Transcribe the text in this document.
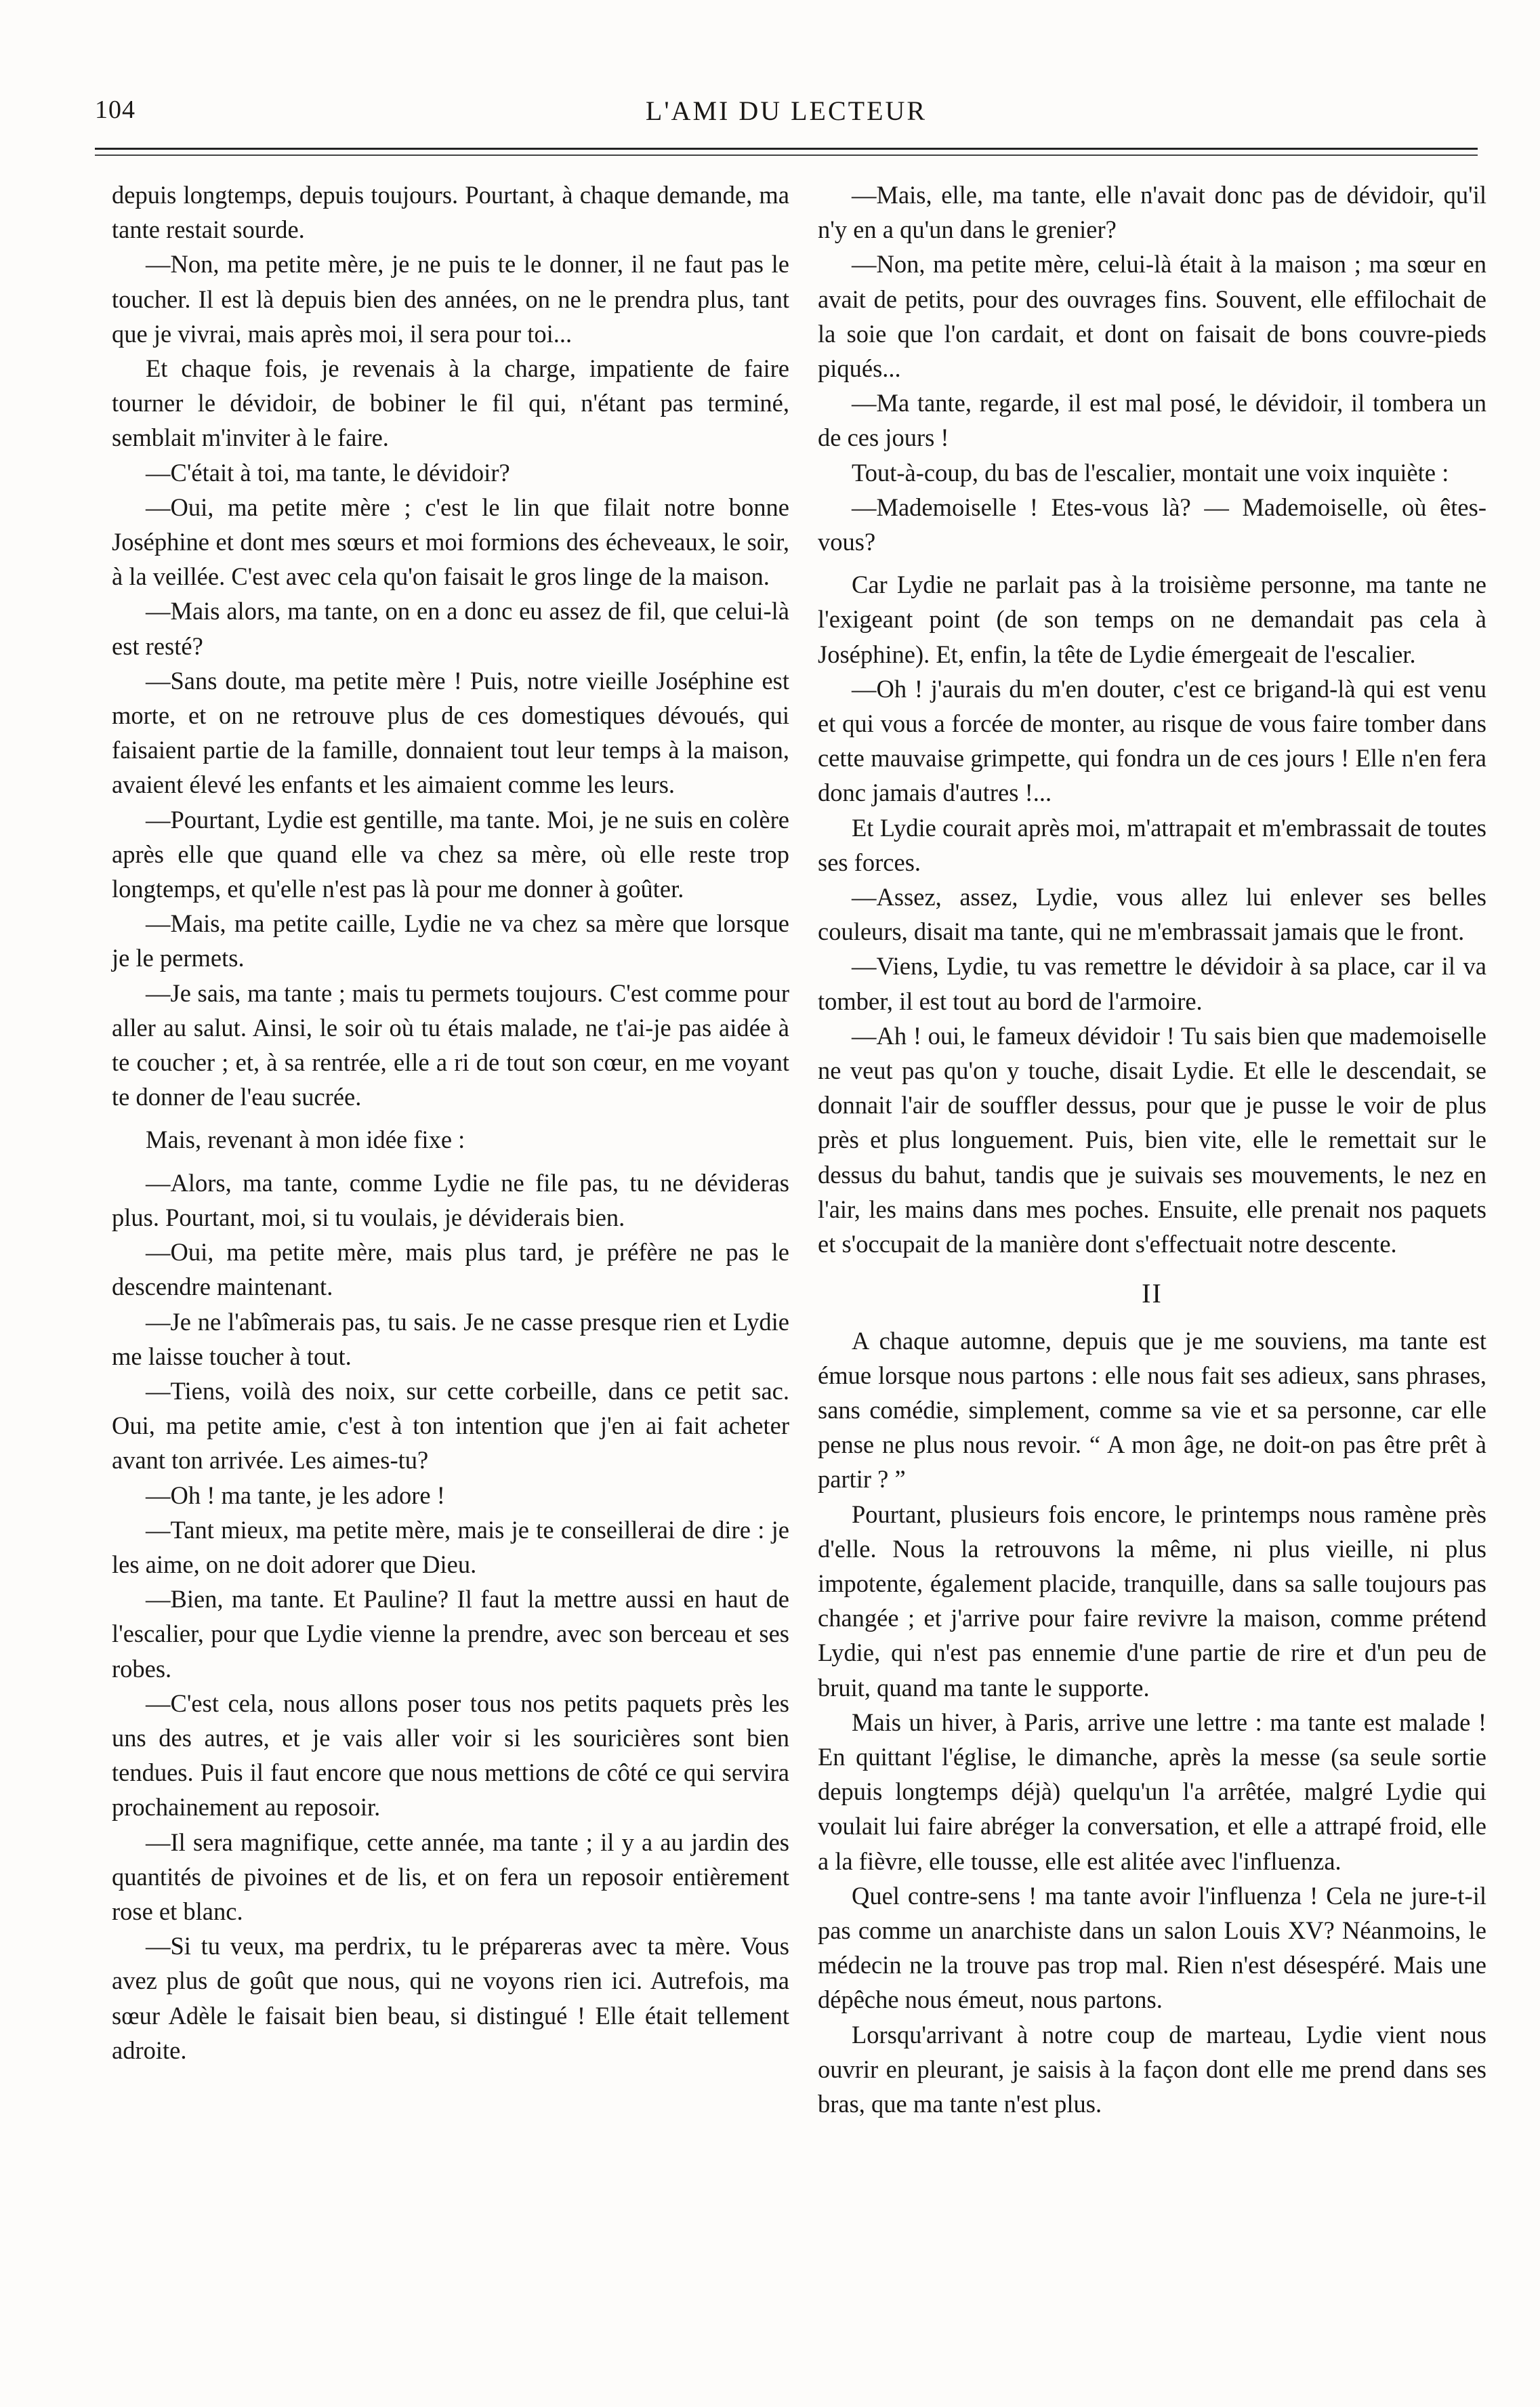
104	L'AMI DU LECTEUR

depuis longtemps, depuis toujours. Pourtant, à chaque demande, ma tante restait sourde.

—Non, ma petite mère, je ne puis te le donner, il ne faut pas le toucher. Il est là depuis bien des années, on ne le prendra plus, tant que je vivrai, mais après moi, il sera pour toi...

Et chaque fois, je revenais à la charge, impatiente de faire tourner le dévidoir, de bobiner le fil qui, n'étant pas terminé, semblait m'inviter à le faire.

—C'était à toi, ma tante, le dévidoir?

—Oui, ma petite mère ; c'est le lin que filait notre bonne Joséphine et dont mes sœurs et moi formions des écheveaux, le soir, à la veillée. C'est avec cela qu'on faisait le gros linge de la maison.

—Mais alors, ma tante, on en a donc eu assez de fil, que celui-là est resté?

—Sans doute, ma petite mère ! Puis, notre vieille Joséphine est morte, et on ne retrouve plus de ces domestiques dévoués, qui faisaient partie de la famille, donnaient tout leur temps à la maison, avaient élevé les enfants et les aimaient comme les leurs.

—Pourtant, Lydie est gentille, ma tante. Moi, je ne suis en colère après elle que quand elle va chez sa mère, où elle reste trop longtemps, et qu'elle n'est pas là pour me donner à goûter.

—Mais, ma petite caille, Lydie ne va chez sa mère que lorsque je le permets.

—Je sais, ma tante ; mais tu permets toujours. C'est comme pour aller au salut. Ainsi, le soir où tu étais malade, ne t'ai-je pas aidée à te coucher ; et, à sa rentrée, elle a ri de tout son cœur, en me voyant te donner de l'eau sucrée.

Mais, revenant à mon idée fixe :

—Alors, ma tante, comme Lydie ne file pas, tu ne dévideras plus. Pourtant, moi, si tu voulais, je déviderais bien.

—Oui, ma petite mère, mais plus tard, je préfère ne pas le descendre maintenant.

—Je ne l'abîmerais pas, tu sais. Je ne casse presque rien et Lydie me laisse toucher à tout.

—Tiens, voilà des noix, sur cette corbeille, dans ce petit sac. Oui, ma petite amie, c'est à ton intention que j'en ai fait acheter avant ton arrivée. Les aimes-tu?

—Oh ! ma tante, je les adore !

—Tant mieux, ma petite mère, mais je te conseillerai de dire : je les aime, on ne doit adorer que Dieu.

—Bien, ma tante. Et Pauline? Il faut la mettre aussi en haut de l'escalier, pour que Lydie vienne la prendre, avec son berceau et ses robes.

—C'est cela, nous allons poser tous nos petits paquets près les uns des autres, et je vais aller voir si les souricières sont bien tendues. Puis il faut encore que nous mettions de côté ce qui servira prochainement au reposoir.

—Il sera magnifique, cette année, ma tante ; il y a au jardin des quantités de pivoines et de lis, et on fera un reposoir entièrement rose et blanc.

—Si tu veux, ma perdrix, tu le prépareras avec ta mère. Vous avez plus de goût que nous, qui ne voyons rien ici. Autrefois, ma sœur Adèle le faisait bien beau, si distingué ! Elle était tellement adroite.

—Mais, elle, ma tante, elle n'avait donc pas de dévidoir, qu'il n'y en a qu'un dans le grenier?

—Non, ma petite mère, celui-là était à la maison ; ma sœur en avait de petits, pour des ouvrages fins. Souvent, elle effilochait de la soie que l'on cardait, et dont on faisait de bons couvre-pieds piqués...

—Ma tante, regarde, il est mal posé, le dévidoir, il tombera un de ces jours !

Tout-à-coup, du bas de l'escalier, montait une voix inquiète :

—Mademoiselle ! Etes-vous là? — Mademoiselle, où êtes-vous?

Car Lydie ne parlait pas à la troisième personne, ma tante ne l'exigeant point (de son temps on ne demandait pas cela à Joséphine). Et, enfin, la tête de Lydie émergeait de l'escalier.

—Oh ! j'aurais du m'en douter, c'est ce brigand-là qui est venu et qui vous a forcée de monter, au risque de vous faire tomber dans cette mauvaise grimpette, qui fondra un de ces jours ! Elle n'en fera donc jamais d'autres !...

Et Lydie courait après moi, m'attrapait et m'embrassait de toutes ses forces.

—Assez, assez, Lydie, vous allez lui enlever ses belles couleurs, disait ma tante, qui ne m'embrassait jamais que le front.

—Viens, Lydie, tu vas remettre le dévidoir à sa place, car il va tomber, il est tout au bord de l'armoire.

—Ah ! oui, le fameux dévidoir ! Tu sais bien que mademoiselle ne veut pas qu'on y touche, disait Lydie. Et elle le descendait, se donnait l'air de souffler dessus, pour que je pusse le voir de plus près et plus longuement. Puis, bien vite, elle le remettait sur le dessus du bahut, tandis que je suivais ses mouvements, le nez en l'air, les mains dans mes poches. Ensuite, elle prenait nos paquets et s'occupait de la manière dont s'effectuait notre descente.

II

A chaque automne, depuis que je me souviens, ma tante est émue lorsque nous partons : elle nous fait ses adieux, sans phrases, sans comédie, simplement, comme sa vie et sa personne, car elle pense ne plus nous revoir. “ A mon âge, ne doit-on pas être prêt à partir ? ”

Pourtant, plusieurs fois encore, le printemps nous ramène près d'elle. Nous la retrouvons la même, ni plus vieille, ni plus impotente, également placide, tranquille, dans sa salle toujours pas changée ; et j'arrive pour faire revivre la maison, comme prétend Lydie, qui n'est pas ennemie d'une partie de rire et d'un peu de bruit, quand ma tante le supporte.

Mais un hiver, à Paris, arrive une lettre : ma tante est malade ! En quittant l'église, le dimanche, après la messe (sa seule sortie depuis longtemps déjà) quelqu'un l'a arrêtée, malgré Lydie qui voulait lui faire abréger la conversation, et elle a attrapé froid, elle a la fièvre, elle tousse, elle est alitée avec l'influenza.

Quel contre-sens ! ma tante avoir l'influenza ! Cela ne jure-t-il pas comme un anarchiste dans un salon Louis XV? Néanmoins, le médecin ne la trouve pas trop mal. Rien n'est désespéré. Mais une dépêche nous émeut, nous partons.

Lorsqu'arrivant à notre coup de marteau, Lydie vient nous ouvrir en pleurant, je saisis à la façon dont elle me prend dans ses bras, que ma tante n'est plus.
